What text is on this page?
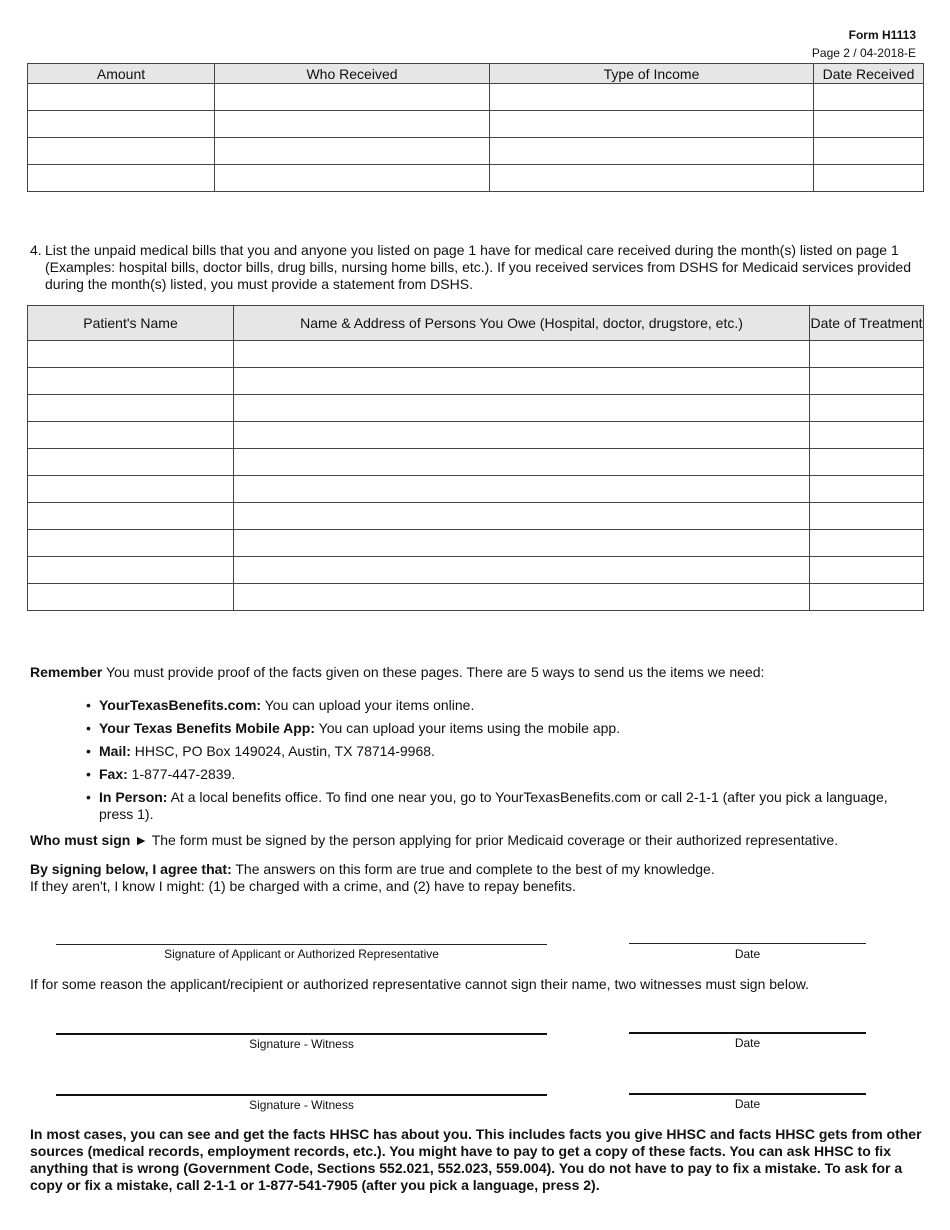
Form H1113
Page 2 / 04-2018-E
Amount	Who Received	Type of Income	Date Received

4. List the unpaid medical bills that you and anyone you listed on page 1 have for medical care received during the month(s) listed on page 1 (Examples: hospital bills, doctor bills, drug bills, nursing home bills, etc.). If you received services from DSHS for Medicaid services provided during the month(s) listed, you must provide a statement from DSHS.
Patient's Name	Name & Address of Persons You Owe (Hospital, doctor, drugstore, etc.)	Date of Treatment

Remember You must provide proof of the facts given on these pages. There are 5 ways to send us the items we need:
• YourTexasBenefits.com: You can upload your items online.
• Your Texas Benefits Mobile App: You can upload your items using the mobile app.
• Mail: HHSC, PO Box 149024, Austin, TX 78714-9968.
• Fax: 1-877-447-2839.
• In Person: At a local benefits office. To find one near you, go to YourTexasBenefits.com or call 2-1-1 (after you pick a language, press 1).
Who must sign ► The form must be signed by the person applying for prior Medicaid coverage or their authorized representative.
By signing below, I agree that: The answers on this form are true and complete to the best of my knowledge.
If they aren't, I know I might: (1) be charged with a crime, and (2) have to repay benefits.
Signature of Applicant or Authorized Representative	Date
If for some reason the applicant/recipient or authorized representative cannot sign their name, two witnesses must sign below.
Signature - Witness	Date
Signature - Witness	Date
In most cases, you can see and get the facts HHSC has about you. This includes facts you give HHSC and facts HHSC gets from other sources (medical records, employment records, etc.). You might have to pay to get a copy of these facts. You can ask HHSC to fix anything that is wrong (Government Code, Sections 552.021, 552.023, 559.004). You do not have to pay to fix a mistake. To ask for a copy or fix a mistake, call 2-1-1 or 1-877-541-7905 (after you pick a language, press 2).
